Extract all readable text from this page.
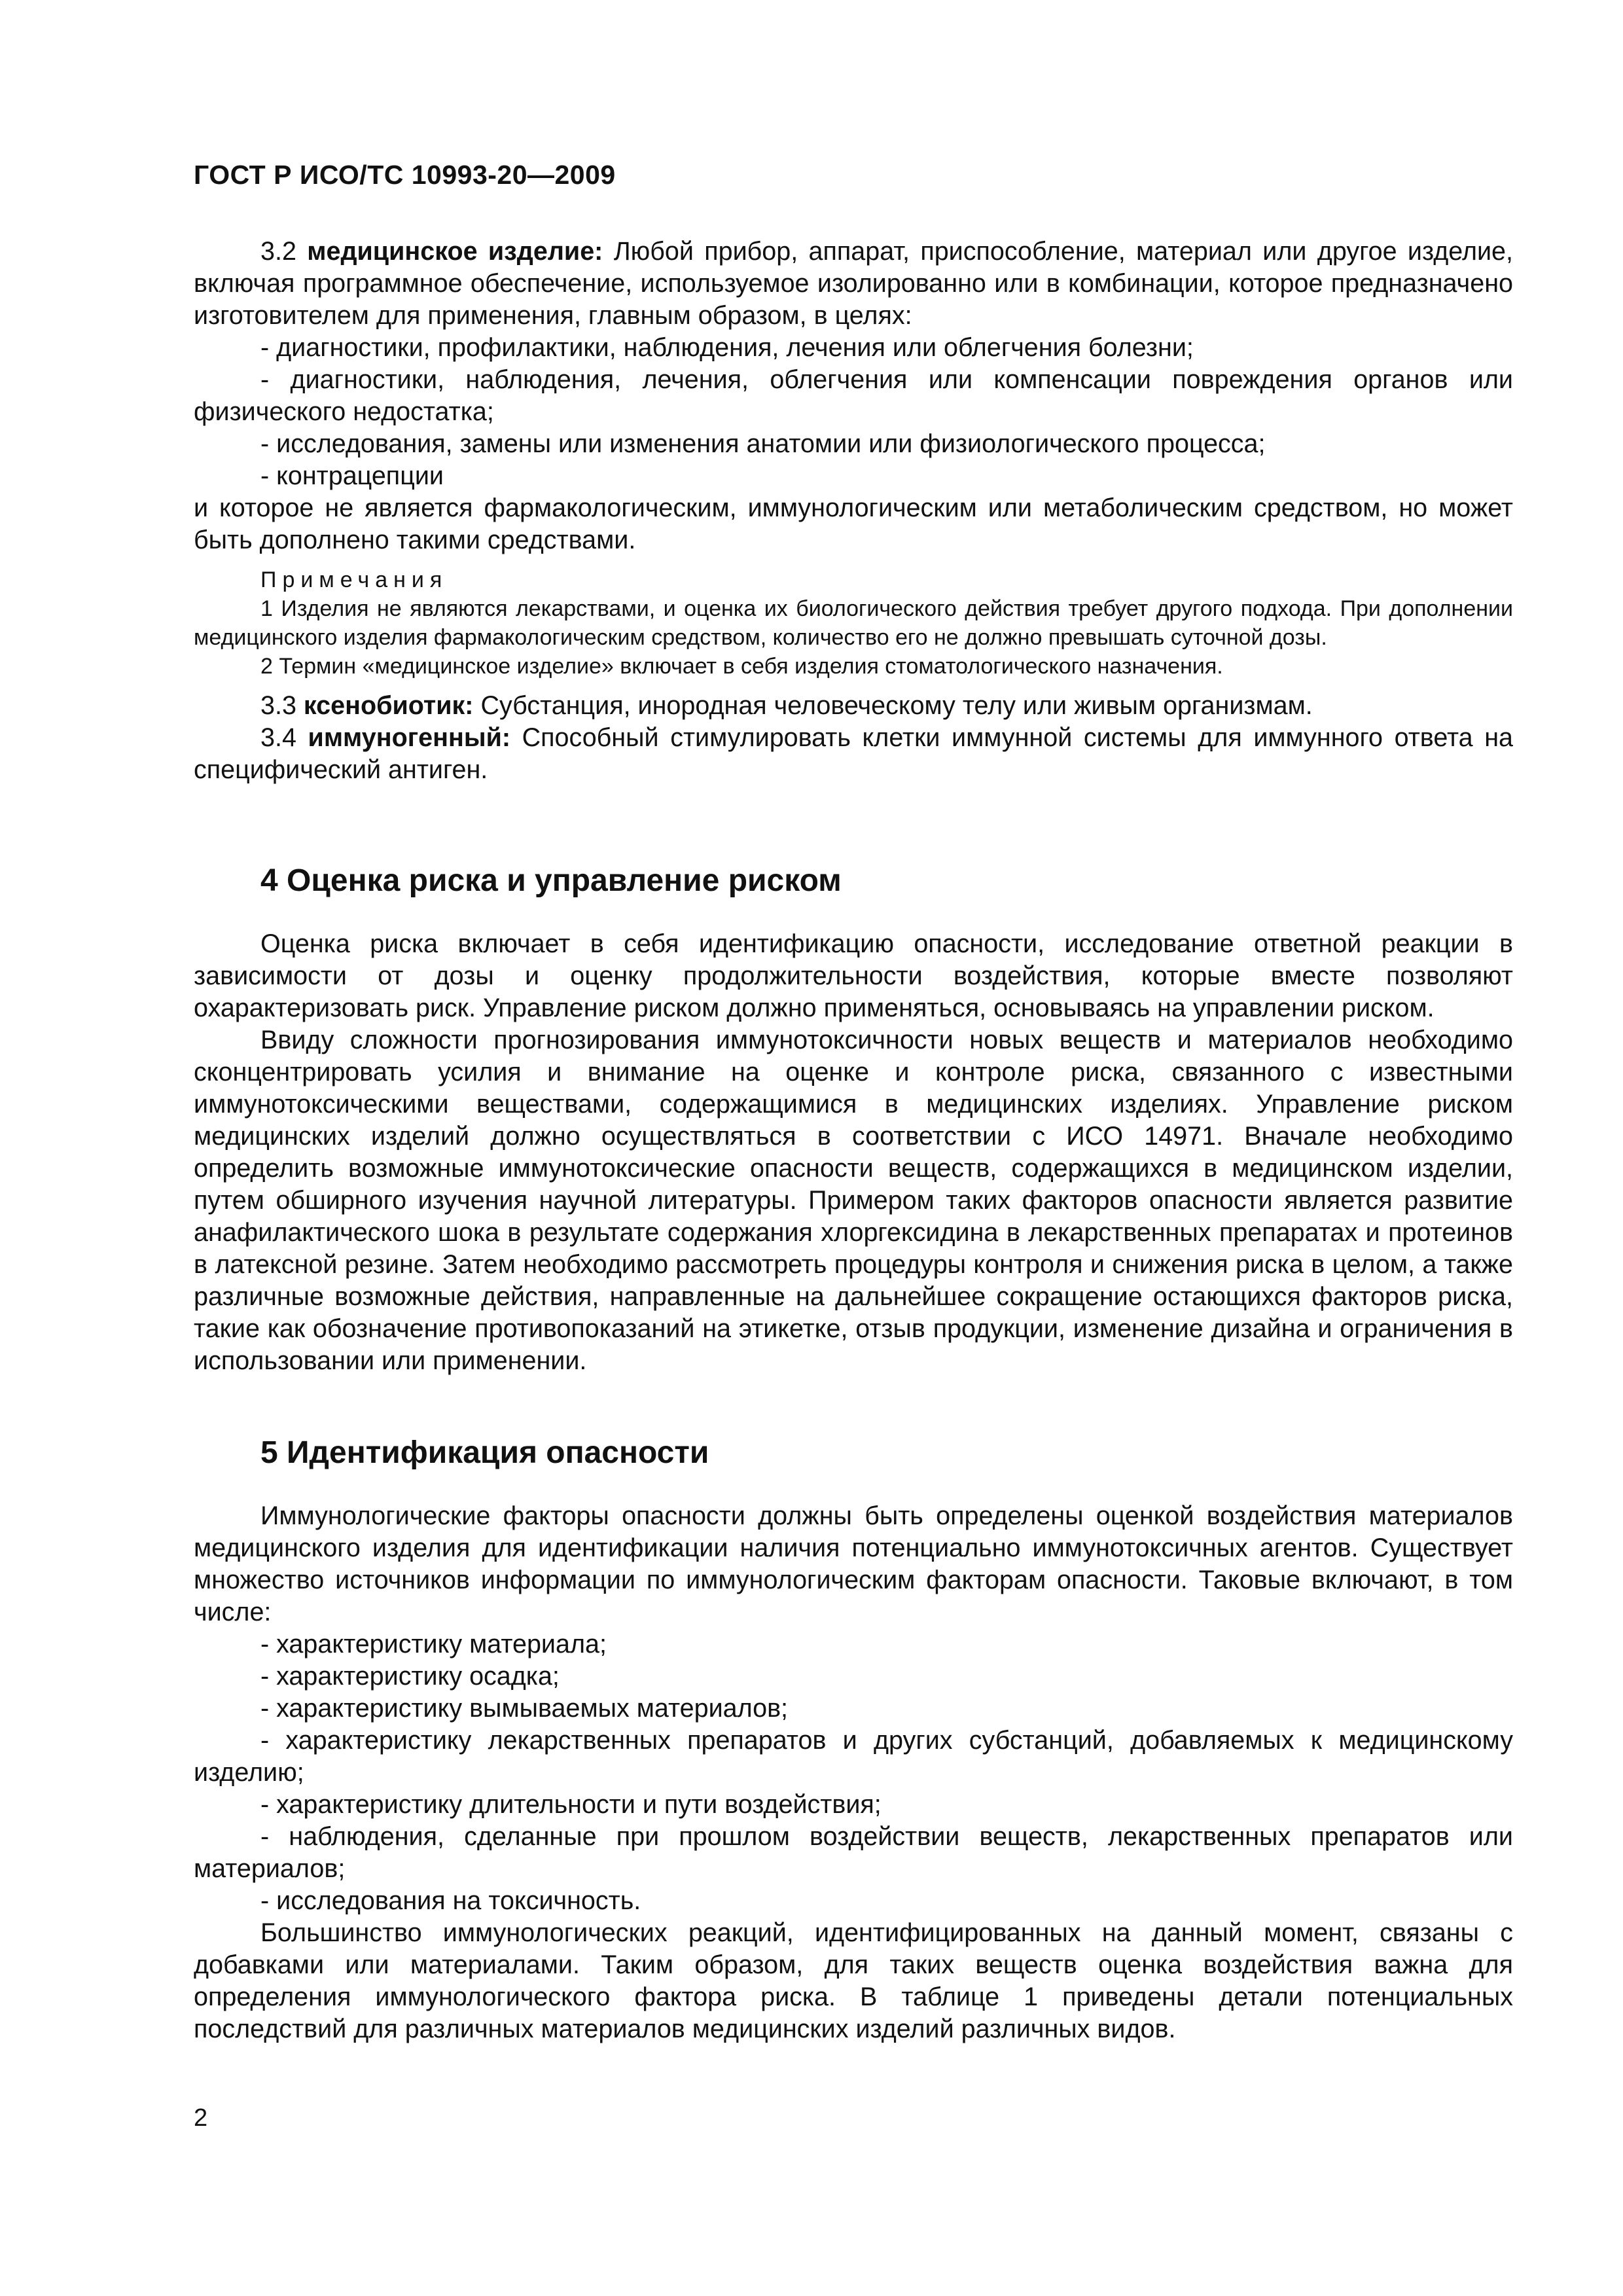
ГОСТ Р ИСО/ТС 10993-20—2009

3.2 медицинское изделие: Любой прибор, аппарат, приспособление, материал или другое изделие, включая программное обеспечение, используемое изолированно или в комбинации, которое предназначено изготовителем для применения, главным образом, в целях:

- диагностики, профилактики, наблюдения, лечения или облегчения болезни;

- диагностики, наблюдения, лечения, облегчения или компенсации повреждения органов или физического недостатка;

- исследования, замены или изменения анатомии или физиологического процесса;

- контрацепции

и которое не является фармакологическим, иммунологическим или метаболическим средством, но может быть дополнено такими средствами.

Примечания

1 Изделия не являются лекарствами, и оценка их биологического действия требует другого подхода. При дополнении медицинского изделия фармакологическим средством, количество его не должно превышать суточной дозы.

2 Термин «медицинское изделие» включает в себя изделия стоматологического назначения.

3.3 ксенобиотик: Субстанция, инородная человеческому телу или живым организмам.

3.4 иммуногенный: Способный стимулировать клетки иммунной системы для иммунного ответа на специфический антиген.

4 Оценка риска и управление риском

Оценка риска включает в себя идентификацию опасности, исследование ответной реакции в зависимости от дозы и оценку продолжительности воздействия, которые вместе позволяют охарактеризовать риск. Управление риском должно применяться, основываясь на управлении риском.

Ввиду сложности прогнозирования иммунотоксичности новых веществ и материалов необходимо сконцентрировать усилия и внимание на оценке и контроле риска, связанного с известными иммунотоксическими веществами, содержащимися в медицинских изделиях. Управление риском медицинских изделий должно осуществляться в соответствии с ИСО 14971. Вначале необходимо определить возможные иммунотоксические опасности веществ, содержащихся в медицинском изделии, путем обширного изучения научной литературы. Примером таких факторов опасности является развитие анафилактического шока в результате содержания хлоргексидина в лекарственных препаратах и протеинов в латексной резине. Затем необходимо рассмотреть процедуры контроля и снижения риска в целом, а также различные возможные действия, направленные на дальнейшее сокращение остающихся факторов риска, такие как обозначение противопоказаний на этикетке, отзыв продукции, изменение дизайна и ограничения в использовании или применении.

5 Идентификация опасности

Иммунологические факторы опасности должны быть определены оценкой воздействия материалов медицинского изделия для идентификации наличия потенциально иммунотоксичных агентов. Существует множество источников информации по иммунологическим факторам опасности. Таковые включают, в том числе:

- характеристику материала;

- характеристику осадка;

- характеристику вымываемых материалов;

- характеристику лекарственных препаратов и других субстанций, добавляемых к медицинскому изделию;

- характеристику длительности и пути воздействия;

- наблюдения, сделанные при прошлом воздействии веществ, лекарственных препаратов или материалов;

- исследования на токсичность.

Большинство иммунологических реакций, идентифицированных на данный момент, связаны с добавками или материалами. Таким образом, для таких веществ оценка воздействия важна для определения иммунологического фактора риска. В таблице 1 приведены детали потенциальных последствий для различных материалов медицинских изделий различных видов.

2
